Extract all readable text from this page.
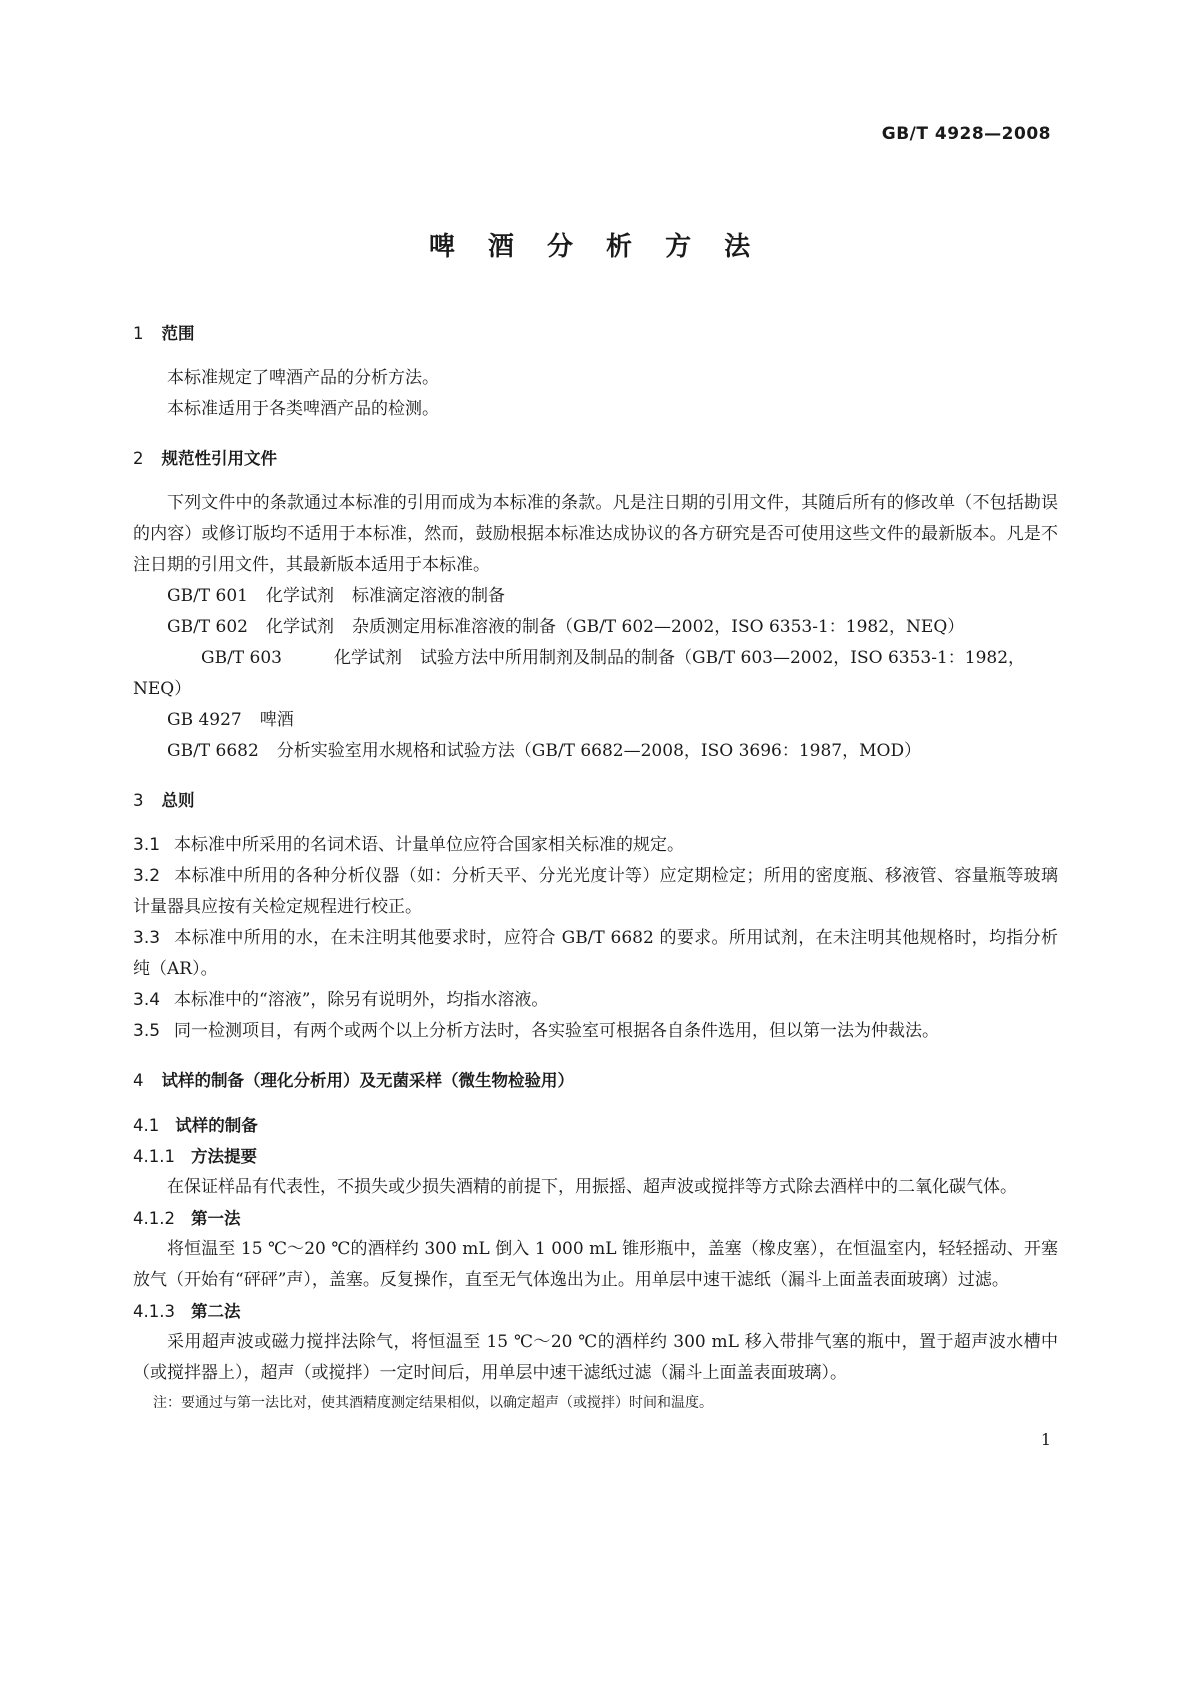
GB/T 4928—2008
啤 酒 分 析 方 法
1 范围

本标准规定了啤酒产品的分析方法。

本标准适用于各类啤酒产品的检测。

2 规范性引用文件

下列文件中的条款通过本标准的引用而成为本标准的条款。凡是注日期的引用文件，其随后所有的修改单（不包括勘误的内容）或修订版均不适用于本标准，然而，鼓励根据本标准达成协议的各方研究是否可使用这些文件的最新版本。凡是不注日期的引用文件，其最新版本适用于本标准。

GB/T 601 化学试剂 标准滴定溶液的制备

GB/T 602 化学试剂 杂质测定用标准溶液的制备（GB/T 602—2002，ISO 6353-1：1982，NEQ）

GB/T 603	化学试剂 试验方法中所用制剂及制品的制备（GB/T 603—2002，ISO 6353-1：1982，NEQ）

GB 4927 啤酒

GB/T 6682 分析实验室用水规格和试验方法（GB/T 6682—2008，ISO 3696：1987，MOD）

3 总则

3.1 本标准中所采用的名词术语、计量单位应符合国家相关标准的规定。

3.2 本标准中所用的各种分析仪器（如：分析天平、分光光度计等）应定期检定；所用的密度瓶、移液管、容量瓶等玻璃计量器具应按有关检定规程进行校正。

3.3 本标准中所用的水，在未注明其他要求时，应符合 GB/T 6682 的要求。所用试剂，在未注明其他规格时，均指分析纯（AR）。

3.4 本标准中的“溶液”，除另有说明外，均指水溶液。

3.5 同一检测项目，有两个或两个以上分析方法时，各实验室可根据各自条件选用，但以第一法为仲裁法。

4 试样的制备（理化分析用）及无菌采样（微生物检验用）
4.1 试样的制备
4.1.1 方法提要

在保证样品有代表性，不损失或少损失酒精的前提下，用振摇、超声波或搅拌等方式除去酒样中的二氧化碳气体。

4.1.2 第一法

将恒温至 15 ℃～20 ℃的酒样约 300 mL 倒入 1 000 mL 锥形瓶中，盖塞（橡皮塞），在恒温室内，轻轻摇动、开塞放气（开始有“砰砰”声），盖塞。反复操作，直至无气体逸出为止。用单层中速干滤纸（漏斗上面盖表面玻璃）过滤。

4.1.3 第二法

采用超声波或磁力搅拌法除气，将恒温至 15 ℃～20 ℃的酒样约 300 mL 移入带排气塞的瓶中，置于超声波水槽中（或搅拌器上），超声（或搅拌）一定时间后，用单层中速干滤纸过滤（漏斗上面盖表面玻璃）。

注：要通过与第一法比对，使其酒精度测定结果相似，以确定超声（或搅拌）时间和温度。

1
